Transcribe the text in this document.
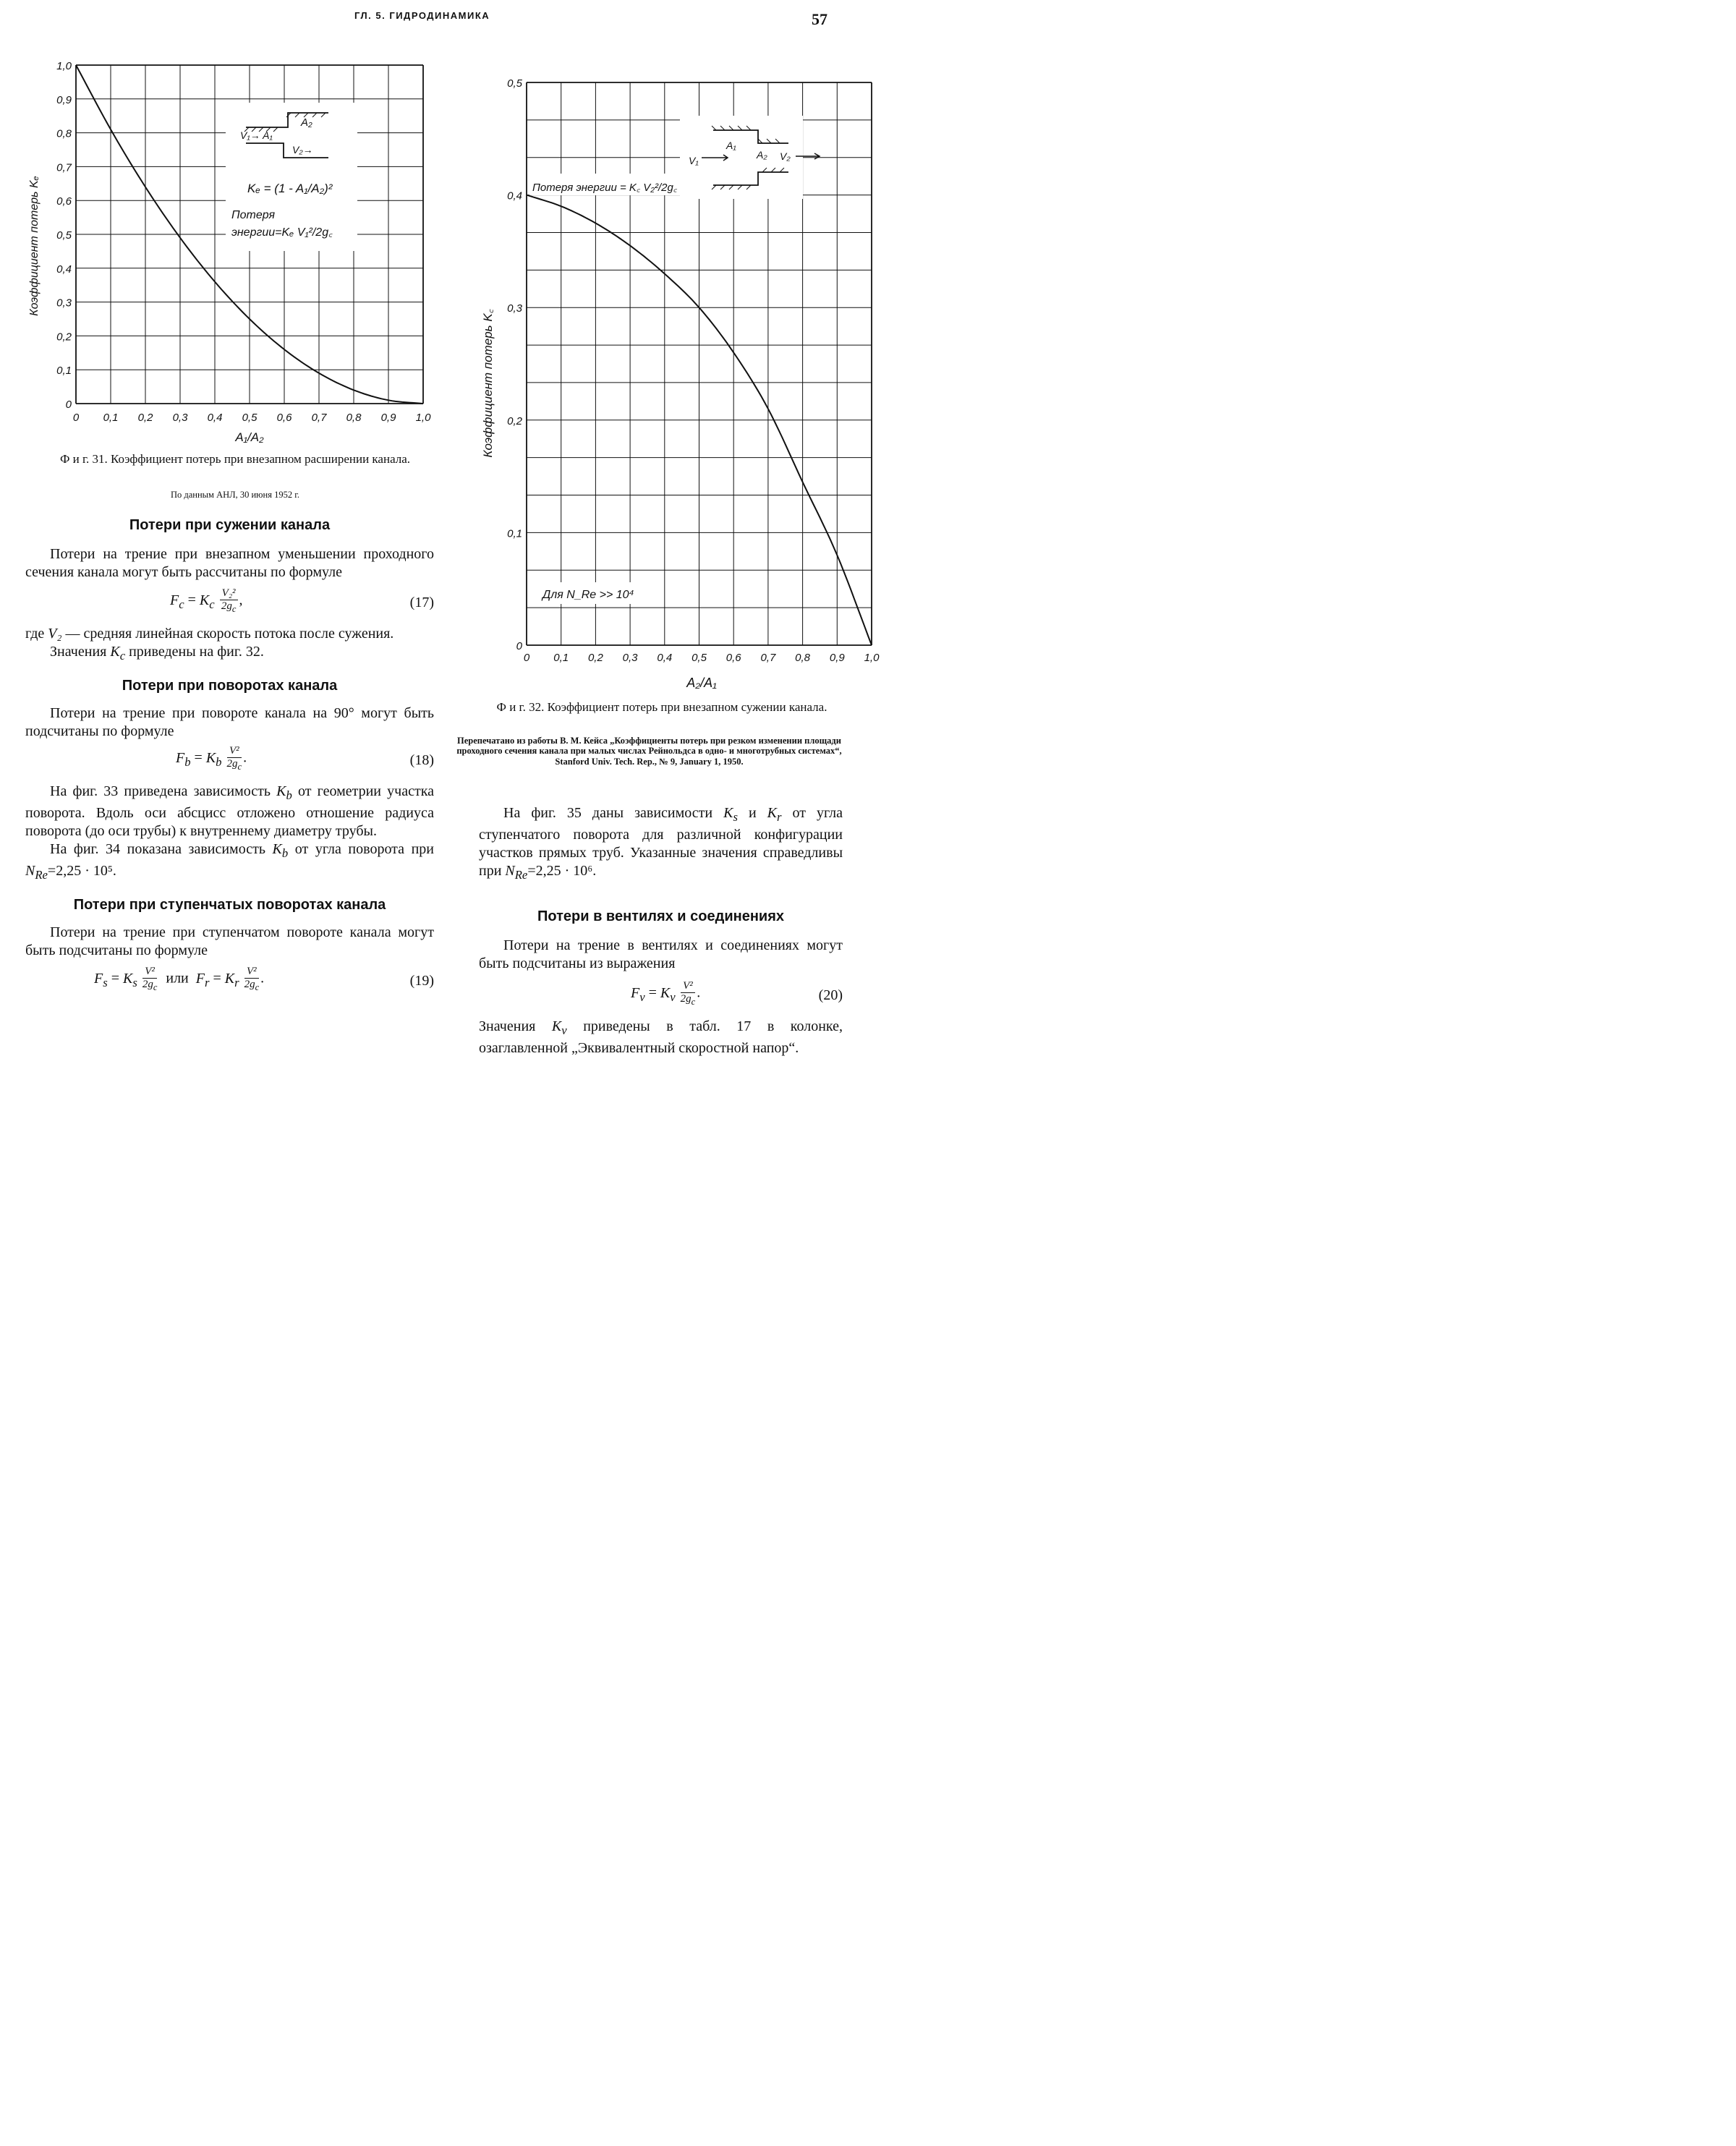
ГЛ. 5. ГИДРОДИНАМИКА	57
0 0,1 0,2 0,3 0,4 0,5 0,6 0,7 0,8 0,9 1,0
0
0,1
0,2
0,3
0,4
0,5
0,6
0,7
0,8
0,9
1,0
Коэффициент потерь Kₑ
A₁/A₂
A₂
V₁→ A₁
V₂→
Kₑ = (1 - A₁/A₂)²
Потеря
энергии=Kₑ V₁²/2g꜀
Ф и г. 31. Коэффициент потерь при внезапном расширении канала.
По данным АНЛ, 30 июня 1952 г.
0 0,1 0,2 0,3 0,4 0,5 0,6 0,7 0,8 0,9 1,0
0
0,1
0,2
0,3
0,4
0,5
Коэффициент потерь K꜀
A₂/A₁
A₁
A₂
V₁	V₂
Потеря энергии = K꜀ V₂²/2g꜀
Для N_Re >> 10⁴
Ф и г. 32. Коэффициент потерь при внезапном сужении канала.
Перепечатано из работы В. М. Кейса „Коэффициенты потерь при резком изменении площади проходного сечения канала при малых числах Рейнольдса в одно- и многотрубных системах“, Stanford Univ. Tech. Rep., № 9, January 1, 1950.
Потери при сужении канала
Потери на трение при внезапном уменьшении проходного сечения канала могут быть рассчитаны по формуле
$F_c = K_c \frac{\text{V₂²}}{2g_c}$ ,	(17)
где V₂ — средняя линейная скорость потока после сужения.
Значения $K_c$ приведены на фиг. 32.
Потери при поворотах канала
Потери на трение при повороте канала на 90° могут быть подсчитаны по формуле
$F_b = K_b \frac{\text{V²}}{2g_c}$ .	(18)
На фиг. 33 приведена зависимость $K_b$ от геометрии участка поворота. Вдоль оси абсцисс отложено отношение радиуса поворота (до оси трубы) к внутреннему диаметру трубы.
На фиг. 34 показана зависимость $K_b$ от угла поворота при $N_{Re}=2,25 \cdot 10^5$.
Потери при ступенчатых поворотах канала
Потери на трение при ступенчатом повороте канала могут быть подсчитаны по формуле
$F_s = K_s \frac{\text{V²}}{2g_c}$ или $F_r = K_r \frac{\text{V²}}{2g_c}$ .	(19)
На фиг. 35 даны зависимости $K_s$ и $K_r$ от угла ступенчатого поворота для различной конфигурации участков прямых труб. Указанные значения справедливы при $N_{Re}=2,25 \cdot 10^6$.
Потери в вентилях и соединениях
Потери на трение в вентилях и соединениях могут быть подсчитаны из выражения
$F_v = K_v \frac{\text{V²}}{2g_c}$ .	(20)
Значения $K_v$ приведены в табл. 17 в колонке, озаглавленной „Эквивалентный скоростной напор“.
